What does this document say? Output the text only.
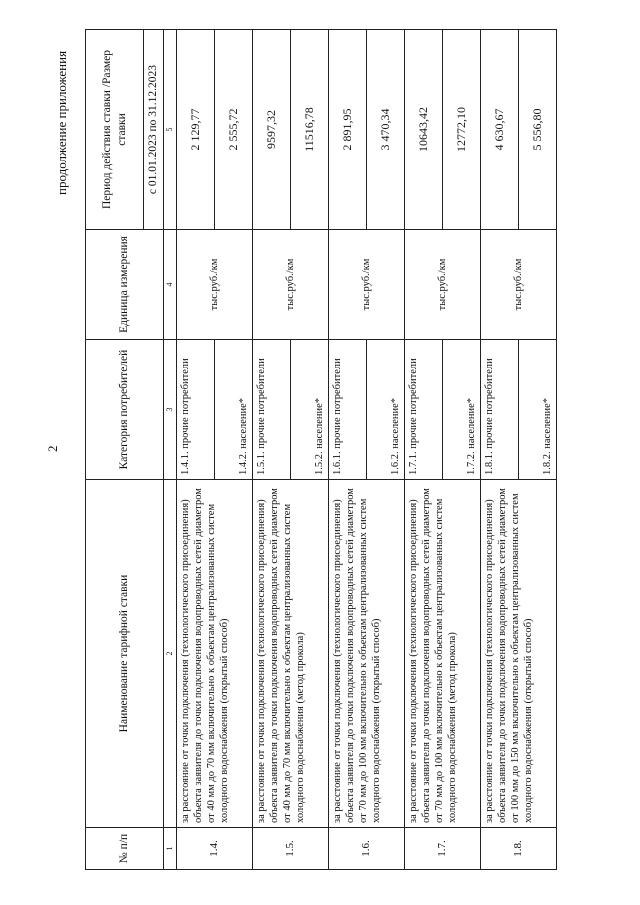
2
продолжение приложения
№ п/п	Наименование тарифной ставки	Категория потребителей	Единица измерения	Период действия ставки /Размер ставки
				с 01.01.2023 по 31.12.2023
1	2	3	4	5
1.4.	за расстояние от точки подключения (технологического присоединения) объекта заявителя до точки подключения водопроводных сетей диаметром от 40 мм до 70 мм включительно к объектам централизованных систем холодного водоснабжения (открытый способ)	1.4.1. прочие потребители	тыс.руб./км	2 129,77
		1.4.2. население*		2 555,72
1.5.	за расстояние от точки подключения (технологического присоединения) объекта заявителя до точки подключения водопроводных сетей диаметром от 40 мм до 70 мм включительно к объектам централизованных систем холодного водоснабжения (метод прокола)	1.5.1. прочие потребители	тыс.руб./км	9597,32
		1.5.2. население*		11516,78
1.6.	за расстояние от точки подключения (технологического присоединения) объекта заявителя до точки подключения водопроводных сетей диаметром от 70 мм до 100 мм включительно к объектам централизованных систем холодного водоснабжения (открытый способ)	1.6.1. прочие потребители	тыс.руб./км	2 891,95
		1.6.2. население*		3 470,34
1.7.	за расстояние от точки подключения (технологического присоединения) объекта заявителя до точки подключения водопроводных сетей диаметром от 70 мм до 100 мм включительно к объектам централизованных систем холодного водоснабжения (метод прокола)	1.7.1. прочие потребители	тыс.руб./км	10643,42
		1.7.2. население*		12772,10
1.8.	за расстояние от точки подключения (технологического присоединения) объекта заявителя до точки подключения водопроводных сетей диаметром от 100 мм до 150 мм включительно к объектам централизованных систем холодного водоснабжения (открытый способ)	1.8.1. прочие потребители	тыс.руб./км	4 630,67
		1.8.2. население*		5 556,80
